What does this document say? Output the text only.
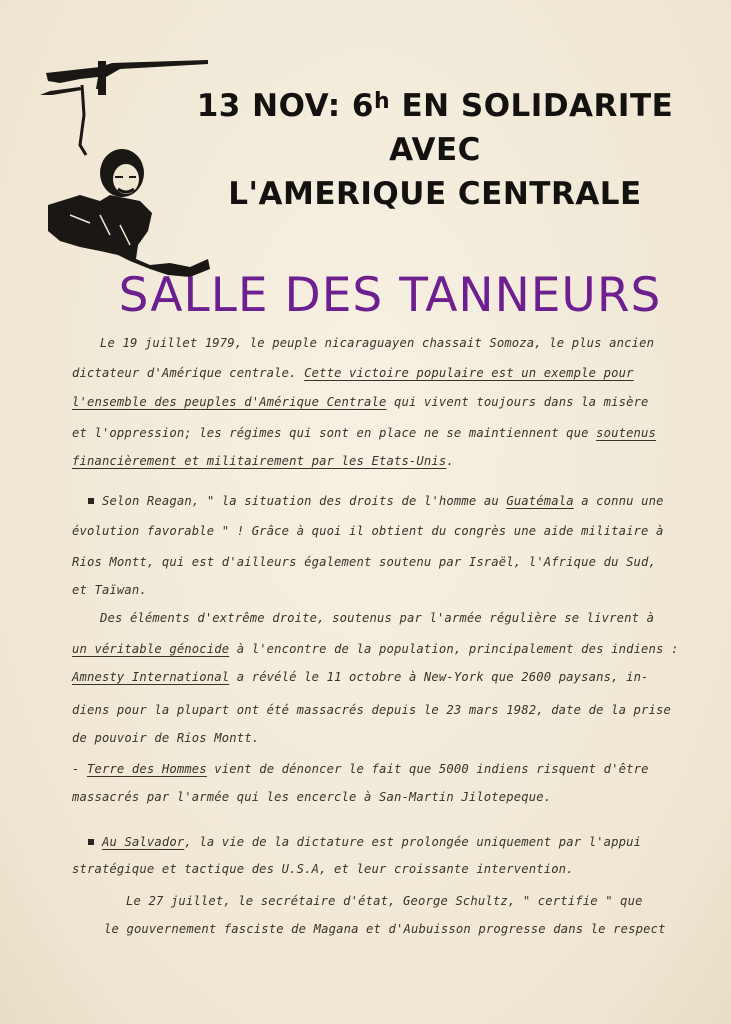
13 NOV: 6$^h$ EN SOLIDARITE
AVEC
L'AMERIQUE CENTRALE
SALLE DES TANNEURS
Le 19 juillet 1979, le peuple nicaraguayen chassait Somoza, le plus ancien
dictateur d'Amérique centrale. Cette victoire populaire est un exemple pour
l'ensemble des peuples d'Amérique Centrale qui vivent toujours dans la misère
et l'oppression; les régimes qui sont en place ne se maintiennent que soutenus
financièrement et militairement par les Etats-Unis.
Selon Reagan, " la situation des droits de l'homme au Guatémala a connu une
évolution favorable " ! Grâce à quoi il obtient du congrès une aide militaire à
Rios Montt, qui est d'ailleurs également soutenu par Israël, l'Afrique du Sud,
et Taïwan.
Des éléments d'extrême droite, soutenus par l'armée régulière se livrent à
un véritable génocide à l'encontre de la population, principalement des indiens :
Amnesty International a révélé le 11 octobre à New-York que 2600 paysans, in-
diens pour la plupart ont été massacrés depuis le 23 mars 1982, date de la prise
de pouvoir de Rios Montt.
- Terre des Hommes vient de dénoncer le fait que 5000 indiens risquent d'être
massacrés par l'armée qui les encercle à San-Martin Jilotepeque.
Au Salvador, la vie de la dictature est prolongée uniquement par l'appui
stratégique et tactique des U.S.A, et leur croissante intervention.
Le 27 juillet, le secrétaire d'état, George Schultz, " certifie " que
le gouvernement fasciste de Magana et d'Aubuisson progresse dans le respect
